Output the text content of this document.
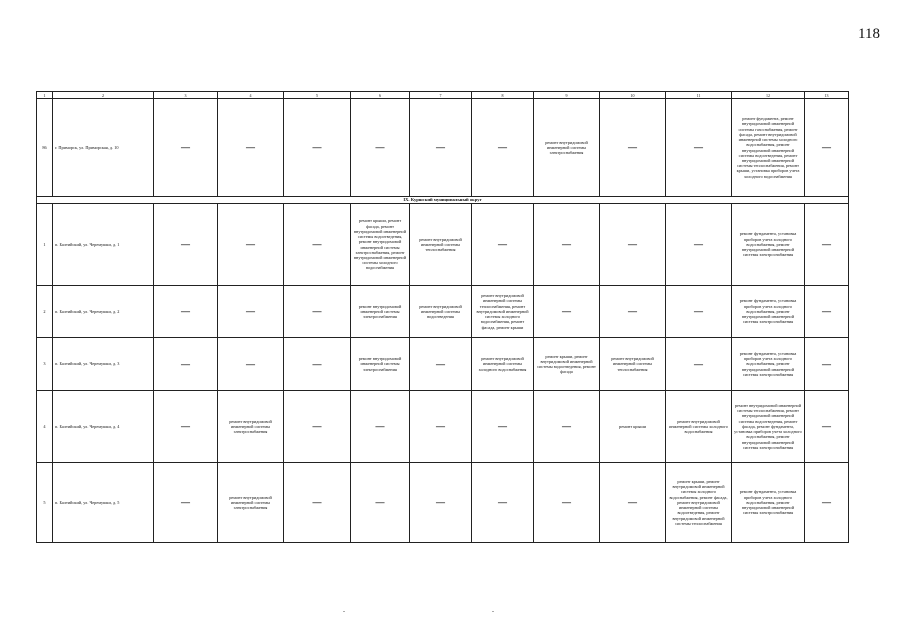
118
1	2	3	4	5	6	7	8	9	10	11	12	13
86	г. Приморск, ул. Приморская, д. 10	—	—	—	—	—	—	ремонт внутридомовой инженерной системы электроснабжения	—	—	ремонт фундамента, ремонт внутридомовой инженерной системы газоснабжения, ремонт фасада, ремонт внутридомовой инженерной системы холодного водоснабжения, ремонт внутридомовой инженерной системы водоотведения, ремонт внутридомовой инженерной системы теплоснабжения, ремонт крыши, установка приборов учета холодного водоснабжения	—
IX. Куршский муниципальный округ												
1	п. Балтийский, ул. Черемушки, д. 1	—	—	—	ремонт крыши, ремонт фасада, ремонт внутридомовой инженерной системы водоотведения, ремонт внутридомовой инженерной системы электроснабжения, ремонт внутридомовой инженерной системы холодного водоснабжения	ремонт внутридомовой инженерной системы теплоснабжения	—	—	—	—	ремонт фундамента, установка приборов учета холодного водоснабжения, ремонт внутридомовой инженерной системы электроснабжения	—
2	п. Балтийский, ул. Черемушки, д. 2	—	—	—	ремонт внутридомовой инженерной системы электроснабжения	ремонт внутридомовой инженерной системы водоотведения	ремонт внутридомовой инженерной системы теплоснабжения, ремонт внутридомовой инженерной системы холодного водоснабжения, ремонт фасада, ремонт крыши	—	—	—	ремонт фундамента, установка приборов учета холодного водоснабжения, ремонт внутридомовой инженерной системы электроснабжения	—
3	п. Балтийский, ул. Черемушки, д. 3	—	—	—	ремонт внутридомовой инженерной системы электроснабжения	—	ремонт внутридомовой инженерной системы холодного водоснабжения	ремонт крыши, ремонт внутридомовой инженерной системы водоотведения, ремонт фасада	ремонт внутридомовой инженерной системы теплоснабжения	—	ремонт фундамента, установка приборов учета холодного водоснабжения, ремонт внутридомовой инженерной системы электроснабжения	—
4	п. Балтийский, ул. Черемушки, д. 4	—	ремонт внутридомовой инженерной системы электроснабжения	—	—	—	—	—	ремонт крыши	ремонт внутридомовой инженерной системы холодного водоснабжения	ремонт внутридомовой инженерной системы теплоснабжения, ремонт внутридомовой инженерной системы водоотведения, ремонт фасада, ремонт фундамента, установка приборов учета холодного водоснабжения, ремонт внутридомовой инженерной системы электроснабжения	—
5	п. Балтийский, ул. Черемушки, д. 5	—	ремонт внутридомовой инженерной системы электроснабжения	—	—	—	—	—	—	ремонт крыши, ремонт внутридомовой инженерной системы холодного водоснабжения, ремонт фасада, ремонт внутридомовой инженерной системы водоотведения, ремонт внутридомовой инженерной системы теплоснабжения	ремонт фундамента, установка приборов учета холодного водоснабжения, ремонт внутридомовой инженерной системы электроснабжения	—
